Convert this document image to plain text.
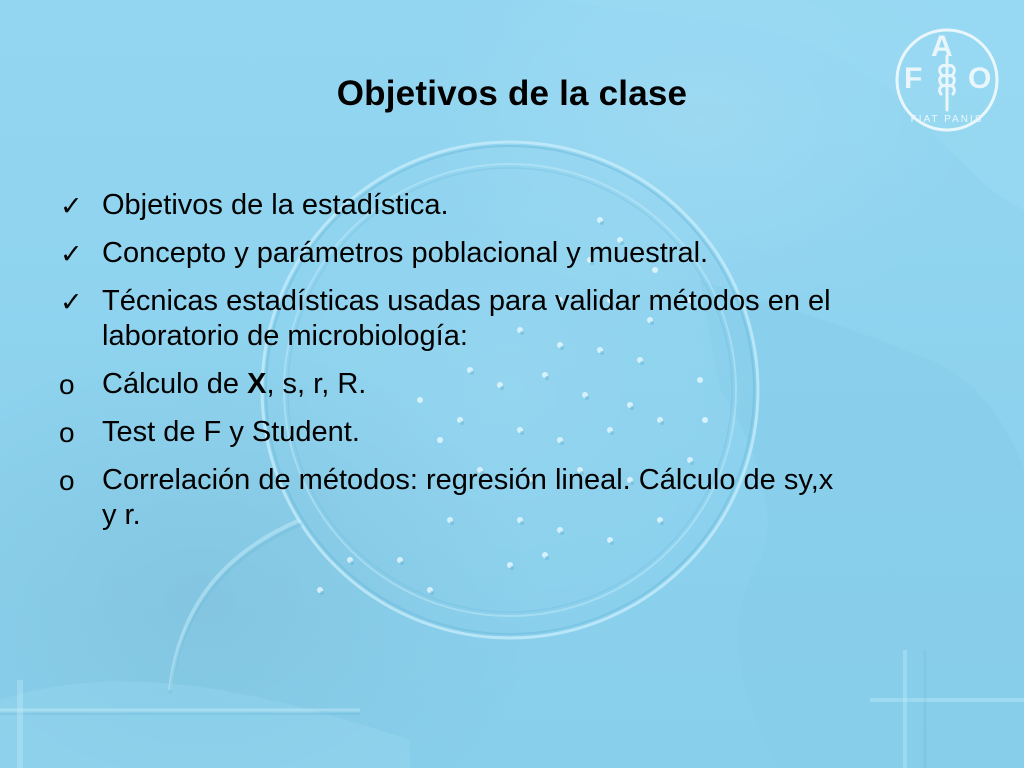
F
A
O
FIAT PANIS
Objetivos de la clase
✓ Objetivos de la estadística.
✓ Concepto y parámetros poblacional y muestral.
✓ Técnicas estadísticas usadas para validar métodos en el
laboratorio de microbiología:
o Cálculo de X, s, r, R.
o Test de F y Student.
o Correlación de métodos: regresión lineal. Cálculo de sy,x
y r.
